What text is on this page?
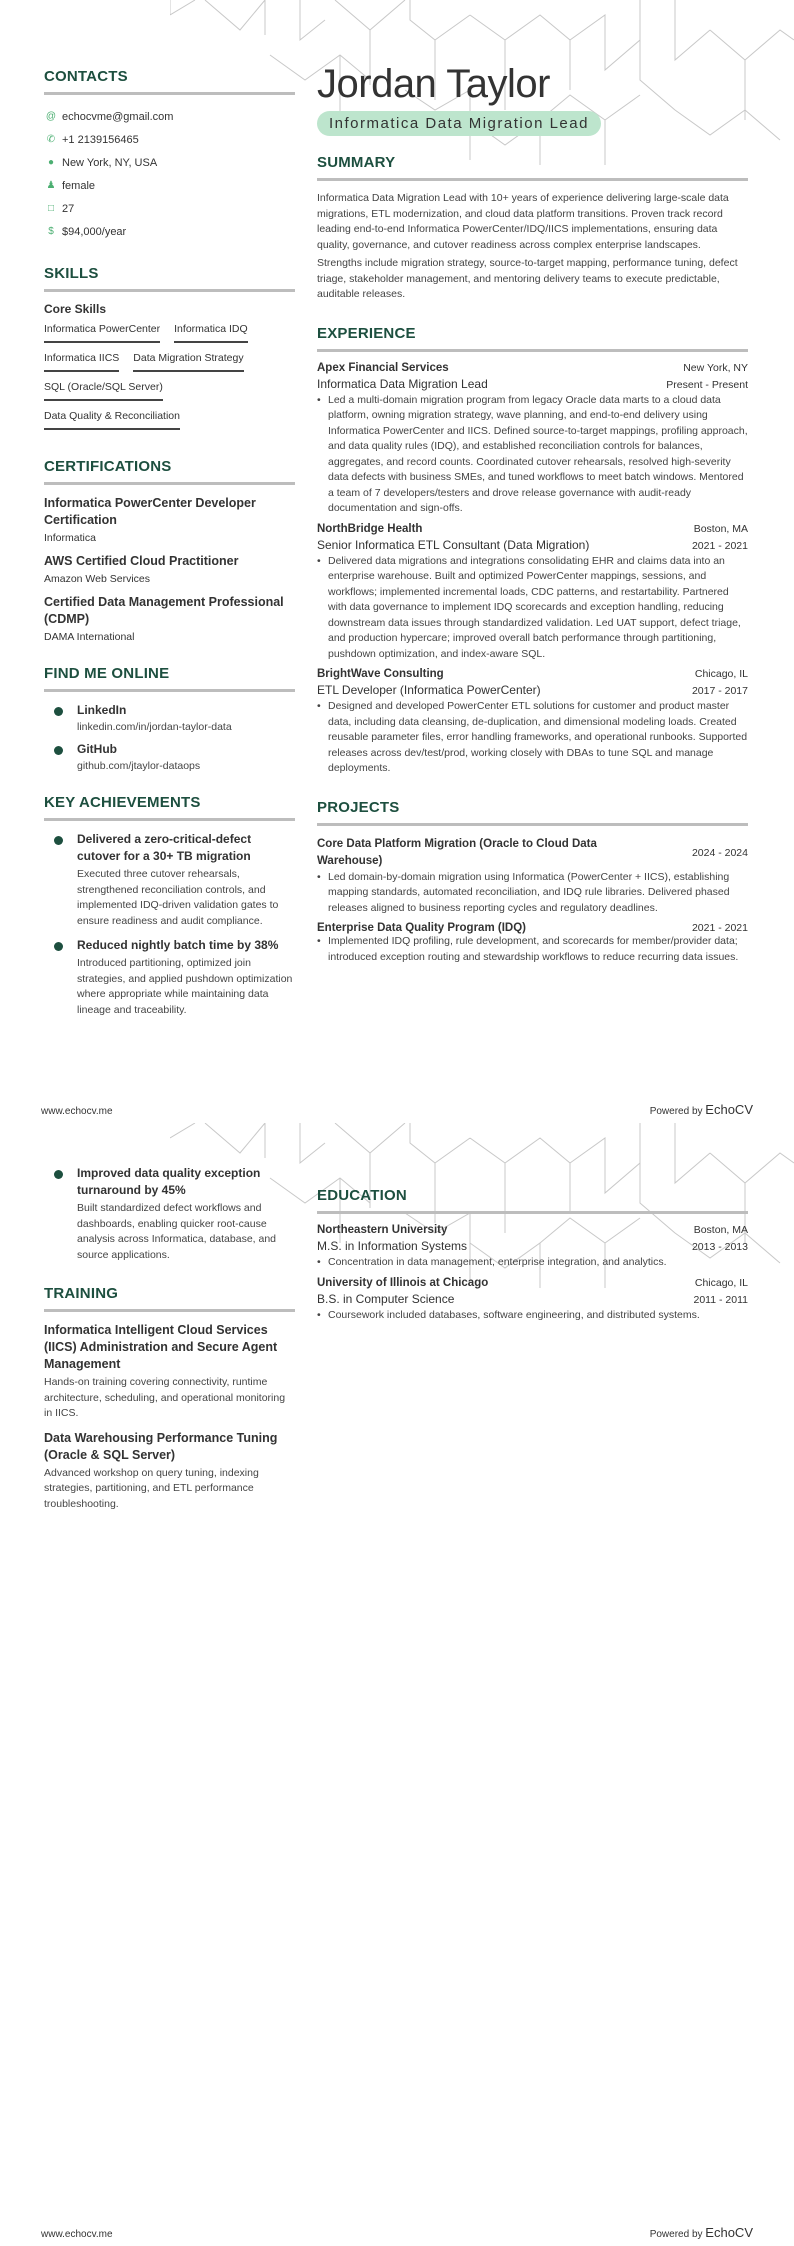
CONTACTS
@ echocvme@gmail.com
✆ +1 2139156465
● New York, NY, USA
♟ female
□ 27
$ $94,000/year
SKILLS
Core Skills
Informatica PowerCenter Informatica IDQ
Informatica IICS Data Migration Strategy
SQL (Oracle/SQL Server)
Data Quality & Reconciliation
CERTIFICATIONS
Informatica PowerCenter Developer Certification
Informatica
AWS Certified Cloud Practitioner
Amazon Web Services
Certified Data Management Professional (CDMP)
DAMA International
FIND ME ONLINE
LinkedIn
linkedin.com/in/jordan-taylor-data
GitHub
github.com/jtaylor-dataops
KEY ACHIEVEMENTS
Delivered a zero-critical-defect cutover for a 30+ TB migration
Executed three cutover rehearsals, strengthened reconciliation controls, and implemented IDQ-driven validation gates to ensure readiness and audit compliance.
Reduced nightly batch time by 38%
Introduced partitioning, optimized join strategies, and applied pushdown optimization where appropriate while maintaining data lineage and traceability.
Jordan Taylor
Informatica Data Migration Lead
SUMMARY

Informatica Data Migration Lead with 10+ years of experience delivering large-scale data migrations, ETL modernization, and cloud data platform transitions. Proven track record leading end-to-end Informatica PowerCenter/IDQ/IICS implementations, ensuring data quality, governance, and cutover readiness across complex enterprise landscapes.

Strengths include migration strategy, source-to-target mapping, performance tuning, defect triage, stakeholder management, and mentoring delivery teams to execute predictable, auditable releases.

EXPERIENCE
Apex Financial Services	New York, NY
Informatica Data Migration Lead	Present - Present
• Led a multi-domain migration program from legacy Oracle data marts to a cloud data platform, owning migration strategy, wave planning, and end-to-end delivery using Informatica PowerCenter and IICS. Defined source-to-target mappings, profiling approach, and data quality rules (IDQ), and established reconciliation controls for balances, aggregates, and record counts. Coordinated cutover rehearsals, resolved high-severity data defects with business SMEs, and tuned workflows to meet batch windows. Mentored a team of 7 developers/testers and drove release governance with audit-ready documentation and sign-offs.
NorthBridge Health	Boston, MA
Senior Informatica ETL Consultant (Data Migration)	2021 - 2021
• Delivered data migrations and integrations consolidating EHR and claims data into an enterprise warehouse. Built and optimized PowerCenter mappings, sessions, and workflows; implemented incremental loads, CDC patterns, and restartability. Partnered with data governance to implement IDQ scorecards and exception handling, reducing downstream data issues through standardized validation. Led UAT support, defect triage, and production hypercare; improved overall batch performance through partitioning, pushdown optimization, and index-aware SQL.
BrightWave Consulting	Chicago, IL
ETL Developer (Informatica PowerCenter)	2017 - 2017
• Designed and developed PowerCenter ETL solutions for customer and product master data, including data cleansing, de-duplication, and dimensional modeling loads. Created reusable parameter files, error handling frameworks, and operational runbooks. Supported releases across dev/test/prod, working closely with DBAs to tune SQL and manage deployments.
PROJECTS
Core Data Platform Migration (Oracle to Cloud Data Warehouse)
2024 - 2024
• Led domain-by-domain migration using Informatica (PowerCenter + IICS), establishing mapping standards, automated reconciliation, and IDQ rule libraries. Delivered phased releases aligned to business reporting cycles and regulatory deadlines.
Enterprise Data Quality Program (IDQ)	2021 - 2021
• Implemented IDQ profiling, rule development, and scorecards for member/provider data; introduced exception routing and stewardship workflows to reduce recurring data issues.
www.echocv.me	Powered by EchoCV
Improved data quality exception turnaround by 45%
Built standardized defect workflows and dashboards, enabling quicker root-cause analysis across Informatica, database, and source applications.
TRAINING
Informatica Intelligent Cloud Services (IICS) Administration and Secure Agent Management
Hands-on training covering connectivity, runtime architecture, scheduling, and operational monitoring in IICS.
Data Warehousing Performance Tuning (Oracle & SQL Server)
Advanced workshop on query tuning, indexing strategies, partitioning, and ETL performance troubleshooting.
EDUCATION
Northeastern University	Boston, MA
M.S. in Information Systems	2013 - 2013
• Concentration in data management, enterprise integration, and analytics.
University of Illinois at Chicago	Chicago, IL
B.S. in Computer Science	2011 - 2011
• Coursework included databases, software engineering, and distributed systems.
www.echocv.me	Powered by EchoCV
